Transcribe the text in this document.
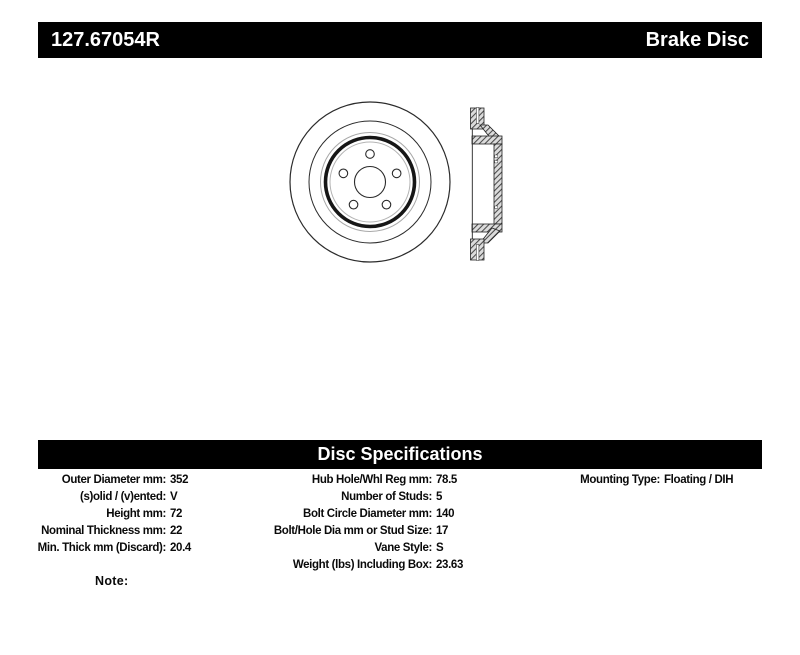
127.67054R	Brake Disc
Disc Specifications
Outer Diameter mm: 352
(s)olid / (v)ented: V
Height mm: 72
Nominal Thickness mm: 22
Min. Thick mm (Discard): 20.4
Hub Hole/Whl Reg mm: 78.5
Number of Studs: 5
Bolt Circle Diameter mm: 140
Bolt/Hole Dia mm or Stud Size: 17
Vane Style: S
Weight (lbs) Including Box: 23.63
Mounting Type: Floating / DIH
Note:
